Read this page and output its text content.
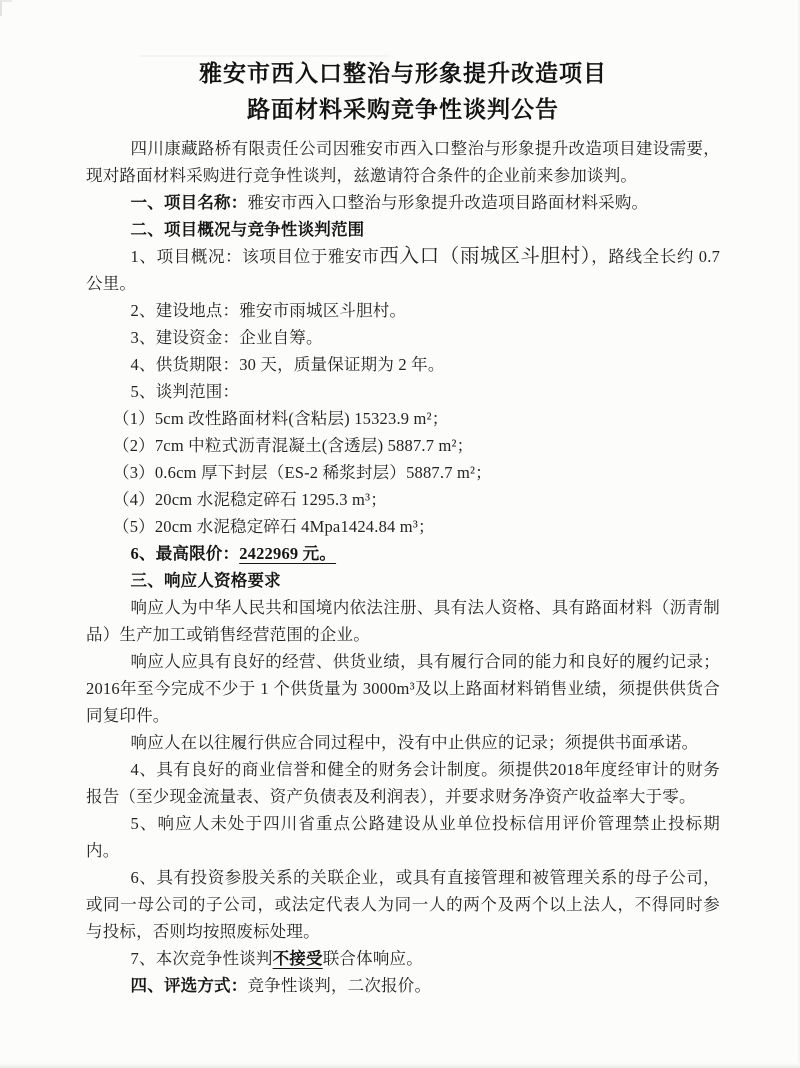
雅安市西入口整治与形象提升改造项目
路面材料采购竞争性谈判公告

四川康藏路桥有限责任公司因雅安市西入口整治与形象提升改造项目建设需要，现对路面材料采购进行竞争性谈判，兹邀请符合条件的企业前来参加谈判。

一、项目名称：雅安市西入口整治与形象提升改造项目路面材料采购。

二、项目概况与竞争性谈判范围

1、项目概况：该项目位于雅安市西入口（雨城区斗胆村），路线全长约 0.7 公里。

2、建设地点：雅安市雨城区斗胆村。

3、建设资金：企业自筹。

4、供货期限：30 天，质量保证期为 2 年。

5、谈判范围：

（1）5cm 改性路面材料(含粘层) 15323.9 m²；

（2）7cm 中粒式沥青混凝土(含透层) 5887.7 m²；

（3）0.6cm 厚下封层（ES-2 稀浆封层）5887.7 m²；

（4）20cm 水泥稳定碎石 1295.3 m³；

（5）20cm 水泥稳定碎石 4Mpa1424.84 m³；

6、最高限价：2422969 元。

三、响应人资格要求

响应人为中华人民共和国境内依法注册、具有法人资格、具有路面材料（沥青制品）生产加工或销售经营范围的企业。

响应人应具有良好的经营、供货业绩，具有履行合同的能力和良好的履约记录；2016年至今完成不少于 1 个供货量为 3000m³及以上路面材料销售业绩，须提供供货合同复印件。

响应人在以往履行供应合同过程中，没有中止供应的记录；须提供书面承诺。

4、具有良好的商业信誉和健全的财务会计制度。须提供2018年度经审计的财务报告（至少现金流量表、资产负债表及利润表），并要求财务净资产收益率大于零。

5、响应人未处于四川省重点公路建设从业单位投标信用评价管理禁止投标期内。

6、具有投资参股关系的关联企业，或具有直接管理和被管理关系的母子公司，或同一母公司的子公司，或法定代表人为同一人的两个及两个以上法人，不得同时参与投标，否则均按照废标处理。

7、本次竞争性谈判不接受联合体响应。

四、评选方式：竞争性谈判，二次报价。
